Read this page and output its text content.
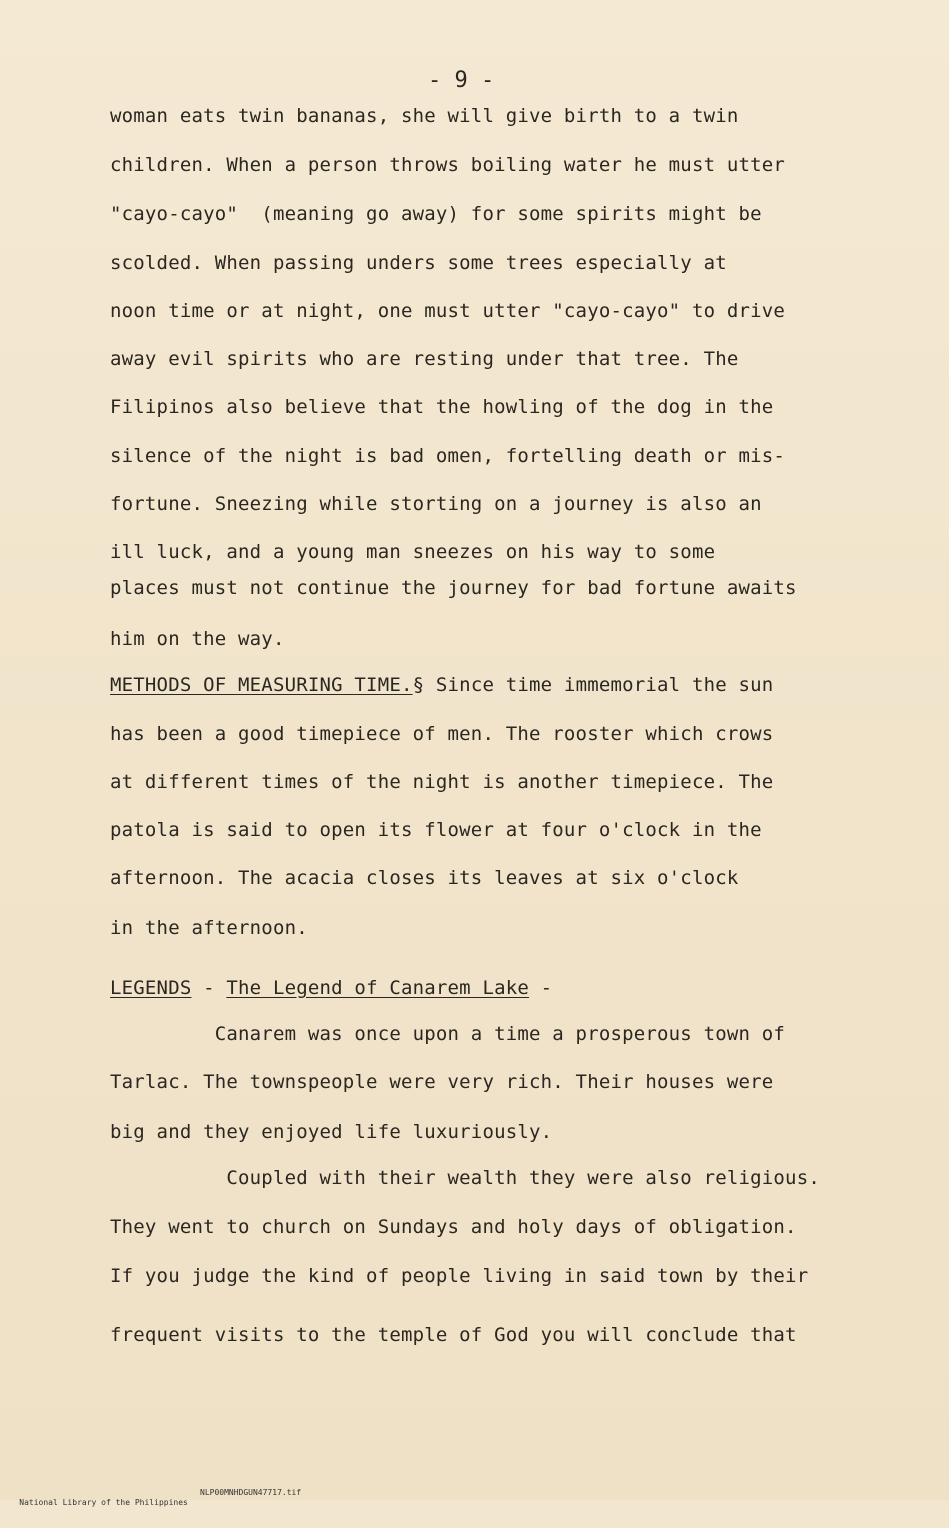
- 9 -
woman eats twin bananas, she will give birth to a twin
children. When a person throws boiling water he must utter
"cayo-cayo"  (meaning go away) for some spirits might be
scolded. When passing unders some trees especially at
noon time or at night, one must utter "cayo-cayo" to drive
away evil spirits who are resting under that tree. The
Filipinos also believe that the howling of the dog in the
silence of the night is bad omen, fortelling death or mis-
fortune. Sneezing while storting on a journey is also an
ill luck, and a young man sneezes on his way to some
places must not continue the journey for bad fortune awaits
him on the way.
METHODS OF MEASURING TIME.§ Since time immemorial the sun
has been a good timepiece of men. The rooster which crows
at different times of the night is another timepiece. The
patola is said to open its flower at four o'clock in the
afternoon. The acacia closes its leaves at six o'clock
in the afternoon.
LEGENDS - The Legend of Canarem Lake -
Canarem was once upon a time a prosperous town of
Tarlac. The townspeople were very rich. Their houses were
big and they enjoyed life luxuriously.
Coupled with their wealth they were also religious.
They went to church on Sundays and holy days of obligation.
If you judge the kind of people living in said town by their
frequent visits to the temple of God you will conclude that

National Library of the Philippines

NLP00MNHDGUN47717.tif
